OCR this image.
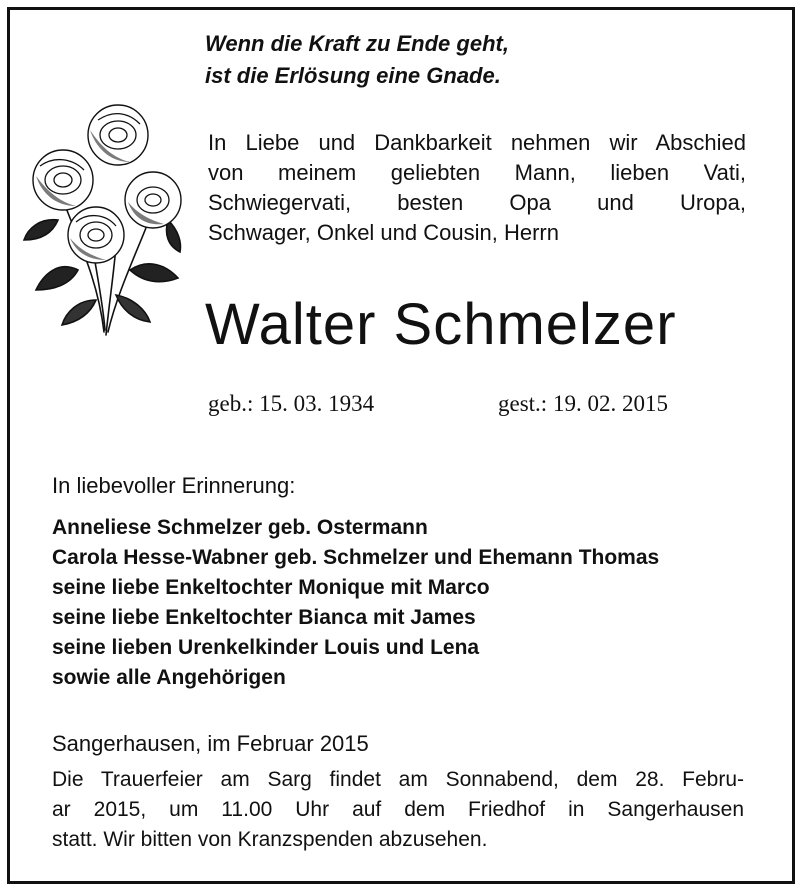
Wenn die Kraft zu Ende geht,
ist die Erlösung eine Gnade.
In Liebe und Dankbarkeit nehmen wir Abschied
von meinem geliebten Mann, lieben Vati,
Schwiegervati, besten Opa und Uropa,
Schwager, Onkel und Cousin, Herrn
Walter Schmelzer
geb.: 15. 03. 1934	gest.: 19. 02. 2015
In liebevoller Erinnerung:
Anneliese Schmelzer geb. Ostermann
Carola Hesse-Wabner geb. Schmelzer und Ehemann Thomas
seine liebe Enkeltochter Monique mit Marco
seine liebe Enkeltochter Bianca mit James
seine lieben Urenkelkinder Louis und Lena
sowie alle Angehörigen
Sangerhausen, im Februar 2015
Die Trauerfeier am Sarg findet am Sonnabend, dem 28. Febru-
ar 2015, um 11.00 Uhr auf dem Friedhof in Sangerhausen
statt. Wir bitten von Kranzspenden abzusehen.
